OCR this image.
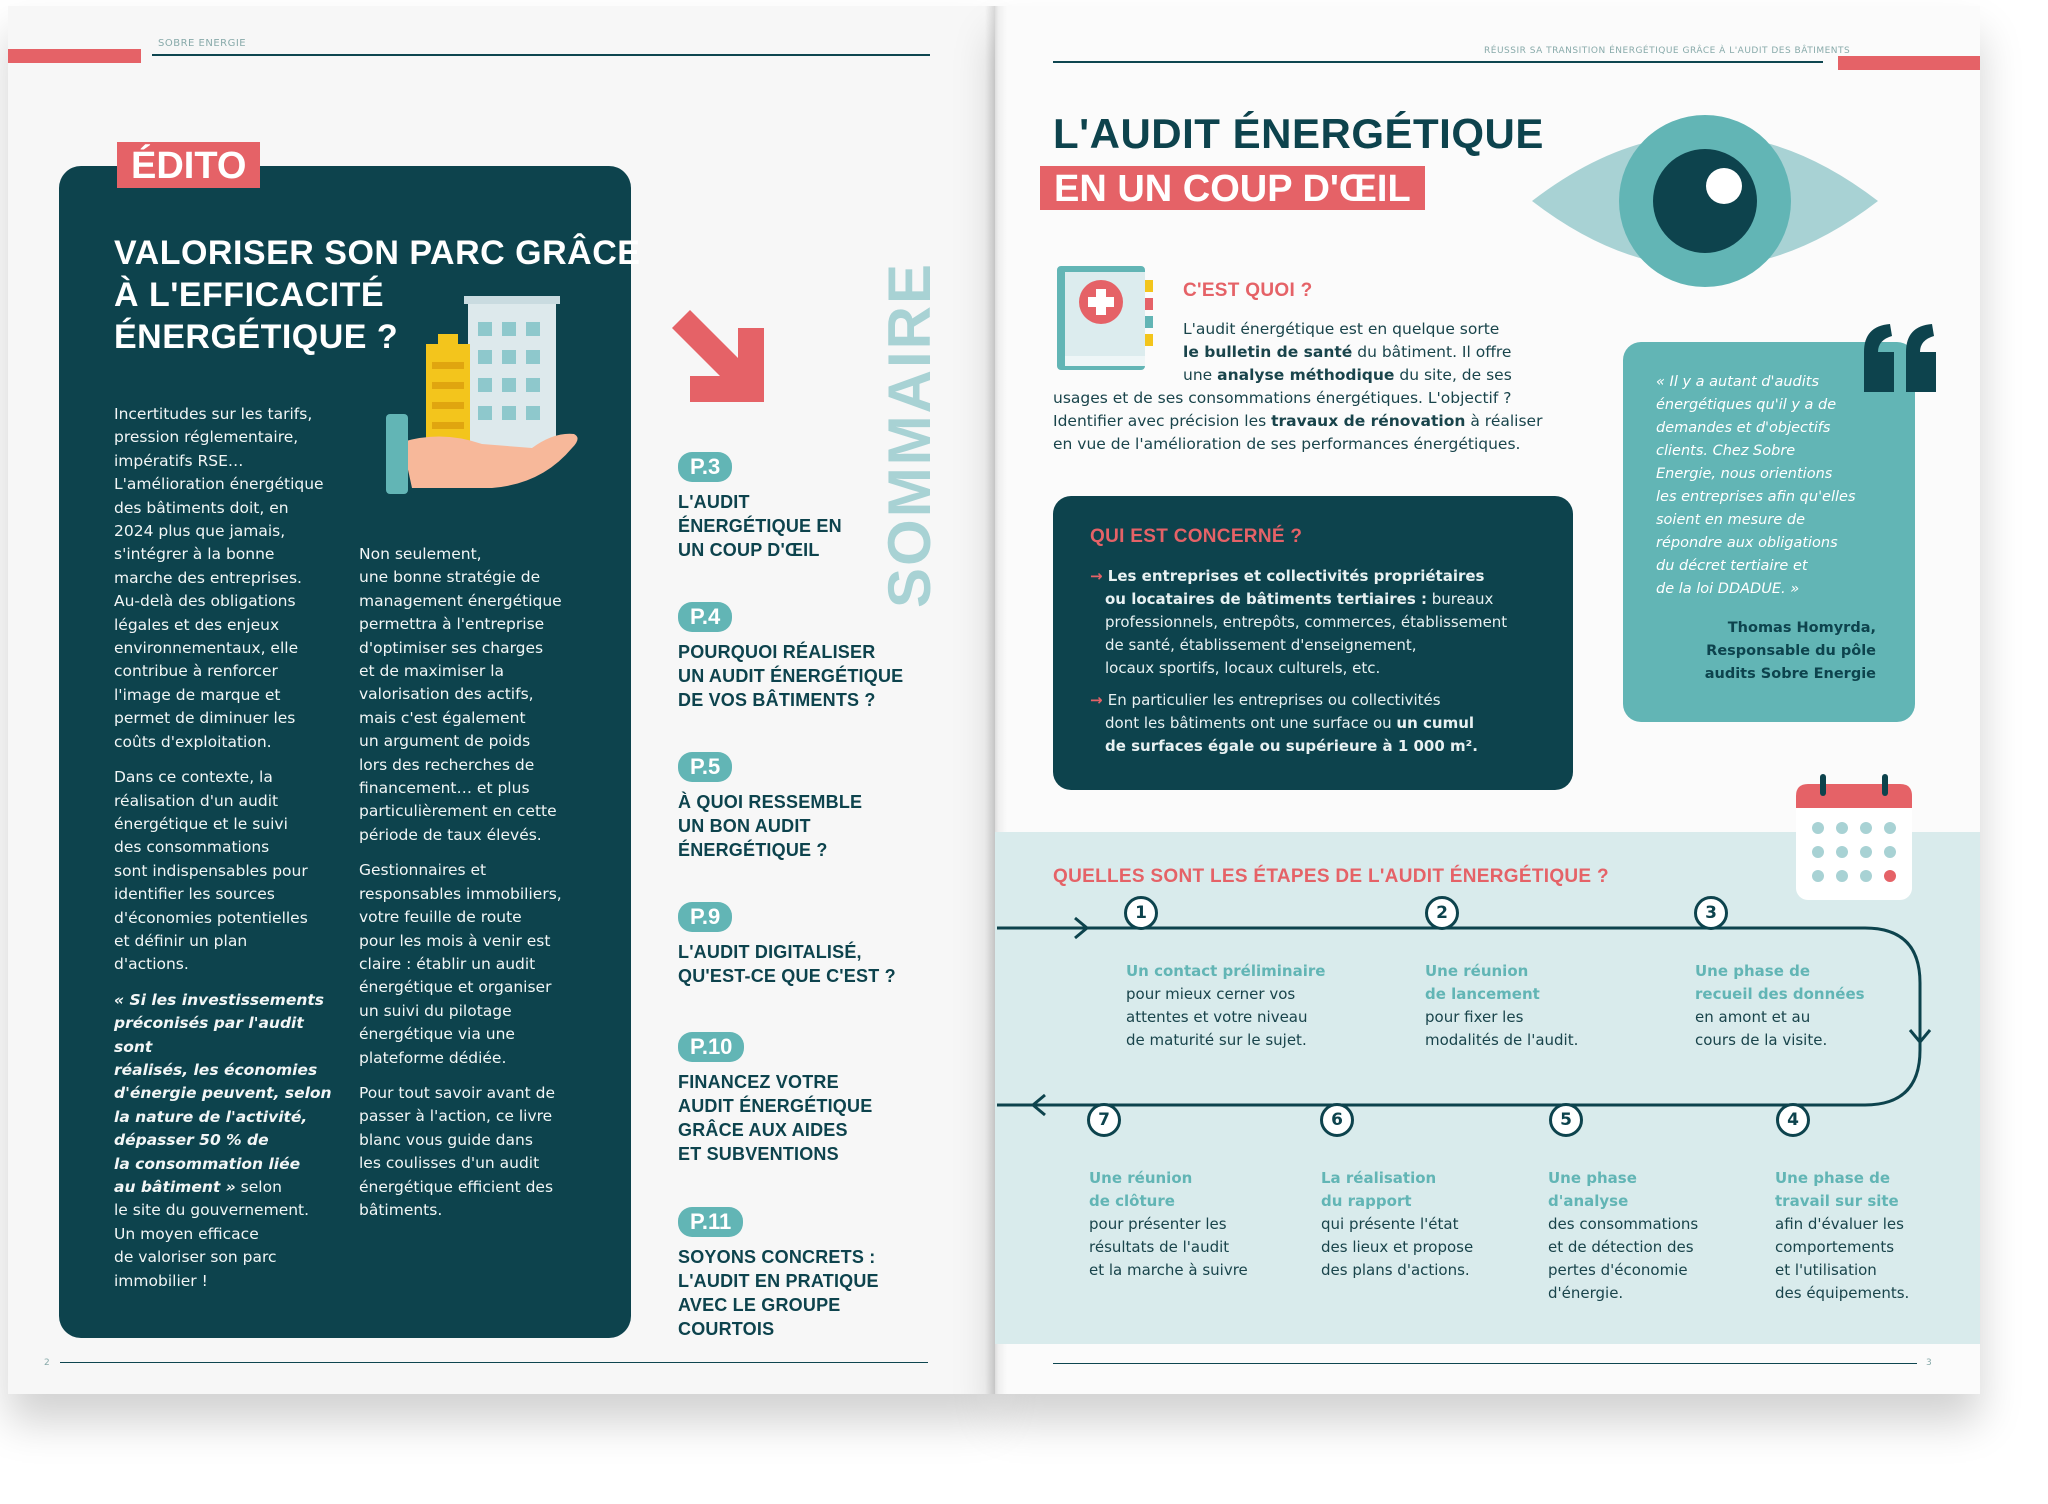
SOBRE ENERGIE
ÉDITO
VALORISER SON PARC GRÂCE
À L'EFFICACITÉ
ÉNERGÉTIQUE ?
Incertitudes sur les tarifs,
pression réglementaire,
impératifs RSE…
L'amélioration énergétique
des bâtiments doit, en
2024 plus que jamais,
s'intégrer à la bonne
marche des entreprises.
Au-delà des obligations
légales et des enjeux
environnementaux, elle
contribue à renforcer
l'image de marque et
permet de diminuer les
coûts d'exploitation.
Dans ce contexte, la
réalisation d'un audit
énergétique et le suivi
des consommations
sont indispensables pour
identifier les sources
d'économies potentielles
et définir un plan
d'actions.
« Si les investissements
préconisés par l'audit sont
réalisés, les économies
d'énergie peuvent, selon
la nature de l'activité,
dépasser 50 % de
la consommation liée
au bâtiment » selon
le site du gouvernement.
Un moyen efficace
de valoriser son parc
immobilier !
Non seulement,
une bonne stratégie de
management énergétique
permettra à l'entreprise
d'optimiser ses charges
et de maximiser la
valorisation des actifs,
mais c'est également
un argument de poids
lors des recherches de
financement… et plus
particulièrement en cette
période de taux élevés.
Gestionnaires et
responsables immobiliers,
votre feuille de route
pour les mois à venir est
claire : établir un audit
énergétique et organiser
un suivi du pilotage
énergétique via une
plateforme dédiée.
Pour tout savoir avant de
passer à l'action, ce livre
blanc vous guide dans
les coulisses d'un audit
énergétique efficient des
bâtiments.
SOMMAIRE
P.3
L'AUDIT
ÉNERGÉTIQUE EN
UN COUP D'ŒIL
P.4
POURQUOI RÉALISER
UN AUDIT ÉNERGÉTIQUE
DE VOS BÂTIMENTS ?
P.5
À QUOI RESSEMBLE
UN BON AUDIT
ÉNERGÉTIQUE ?
P.9
L'AUDIT DIGITALISÉ,
QU'EST-CE QUE C'EST ?
P.10
FINANCEZ VOTRE
AUDIT ÉNERGÉTIQUE
GRÂCE AUX AIDES
ET SUBVENTIONS
P.11
SOYONS CONCRETS :
L'AUDIT EN PRATIQUE
AVEC LE GROUPE
COURTOIS
2
RÉUSSIR SA TRANSITION ÉNERGÉTIQUE GRÂCE À L'AUDIT DES BÂTIMENTS
L'AUDIT ÉNERGÉTIQUE
EN UN COUP D'ŒIL
C'EST QUOI ?
L'audit énergétique est en quelque sorte
le bulletin de santé du bâtiment. Il offre
une analyse méthodique du site, de ses
usages et de ses consommations énergétiques. L'objectif ?
Identifier avec précision les travaux de rénovation à réaliser
en vue de l'amélioration de ses performances énergétiques.
QUI EST CONCERNÉ ?
→ Les entreprises et collectivités propriétaires
ou locataires de bâtiments tertiaires : bureaux
professionnels, entrepôts, commerces, établissement
de santé, établissement d'enseignement,
locaux sportifs, locaux culturels, etc.
→ En particulier les entreprises ou collectivités
dont les bâtiments ont une surface ou un cumul
de surfaces égale ou supérieure à 1 000 m².
« Il y a autant d'audits
énergétiques qu'il y a de
demandes et d'objectifs
clients. Chez Sobre
Energie, nous orientions
les entreprises afin qu'elles
soient en mesure de
répondre aux obligations
du décret tertiaire et
de la loi DDADUE. »
Thomas Homyrda,
Responsable du pôle
audits Sobre Energie
QUELLES SONT LES ÉTAPES DE L'AUDIT ÉNERGÉTIQUE ?
1
Un contact préliminaire
pour mieux cerner vos
attentes et votre niveau
de maturité sur le sujet.
2
Une réunion
de lancement
pour fixer les
modalités de l'audit.
3
Une phase de
recueil des données
en amont et au
cours de la visite.
4
Une phase de
travail sur site
afin d'évaluer les
comportements
et l'utilisation
des équipements.
5
Une phase
d'analyse
des consommations
et de détection des
pertes d'économie
d'énergie.
6
La réalisation
du rapport
qui présente l'état
des lieux et propose
des plans d'actions.
7
Une réunion
de clôture
pour présenter les
résultats de l'audit
et la marche à suivre
3
